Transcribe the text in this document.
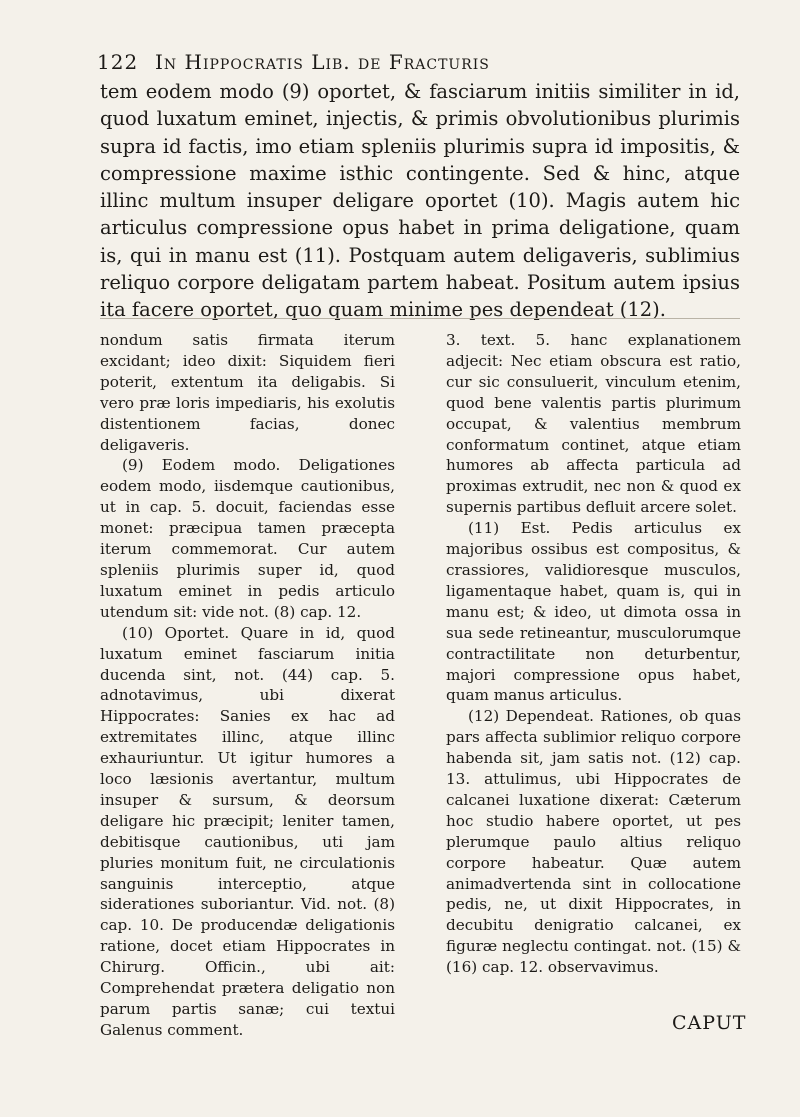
122 In Hippocratis Lib. de Fracturis

tem eodem modo (9) oportet, & fasciarum initiis similiter in id, quod luxatum eminet, injectis, & primis obvolutionibus plurimis supra id factis, imo etiam spleniis plurimis supra id impositis, & compressione maxime isthic contingente. Sed & hinc, atque illinc multum insuper deligare oportet (10). Magis autem hic articulus compressione opus habet in prima deligatione, quam is, qui in manu est (11). Postquam autem deligaveris, sublimius reliquo corpore deligatam partem habeat. Positum autem ipsius ita facere oportet, quo quam minime pes dependeat (12).

nondum satis firmata iterum excidant; ideo dixit: Siquidem fieri poterit, extentum ita deligabis. Si vero præ loris impediaris, his exolutis distentionem facias, donec deligaveris.

(9) Eodem modo. Deligationes eodem modo, iisdemque cautionibus, ut in cap. 5. docuit, faciendas esse monet: præcipua tamen præcepta iterum commemorat. Cur autem spleniis plurimis super id, quod luxatum eminet in pedis articulo utendum sit: vide not. (8) cap. 12.

(10) Oportet. Quare in id, quod luxatum eminet fasciarum initia ducenda sint, not. (44) cap. 5. adnotavimus, ubi dixerat Hippocrates: Sanies ex hac ad extremitates illinc, atque illinc exhauriuntur. Ut igitur humores a loco læsionis avertantur, multum insuper & sursum, & deorsum deligare hic præcipit; leniter tamen, debitisque cautionibus, uti jam pluries monitum fuit, ne circulationis sanguinis interceptio, atque siderationes suboriantur. Vid. not. (8) cap. 10. De producendæ deligationis ratione, docet etiam Hippocrates in Chirurg. Officin., ubi ait: Comprehendat prætera deligatio non parum partis sanæ; cui textui Galenus comment.

3. text. 5. hanc explanationem adjecit: Nec etiam obscura est ratio, cur sic consuluerit, vinculum etenim, quod bene valentis partis plurimum occupat, & valentius membrum conformatum continet, atque etiam humores ab affecta particula ad proximas extrudit, nec non & quod ex supernis partibus defluit arcere solet.

(11) Est. Pedis articulus ex majoribus ossibus est compositus, & crassiores, validioresque musculos, ligamentaque habet, quam is, qui in manu est; & ideo, ut dimota ossa in sua sede retineantur, musculorumque contractilitate non deturbentur, majori compressione opus habet, quam manus articulus.

(12) Dependeat. Rationes, ob quas pars affecta sublimior reliquo corpore habenda sit, jam satis not. (12) cap. 13. attulimus, ubi Hippocrates de calcanei luxatione dixerat: Cæterum hoc studio habere oportet, ut pes plerumque paulo altius reliquo corpore habeatur. Quæ autem animadvertenda sint in collocatione pedis, ne, ut dixit Hippocrates, in decubitu denigratio calcanei, ex figuræ neglectu contingat. not. (15) & (16) cap. 12. observavimus.

CAPUT
